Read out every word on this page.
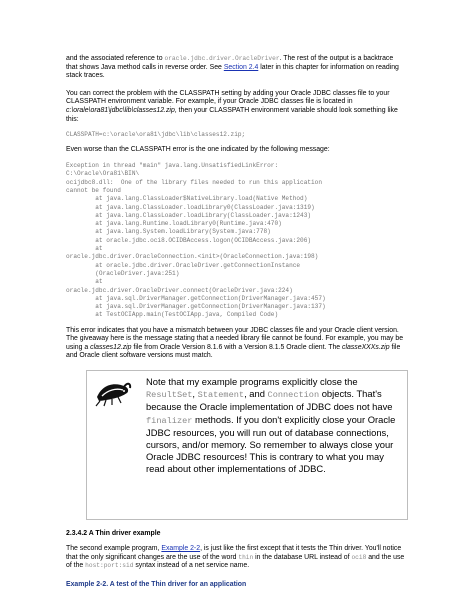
and the associated reference to oracle.jdbc.driver.OracleDriver. The rest of the output is a backtrace that shows Java method calls in reverse order. See Section 2.4 later in this chapter for information on reading stack traces.

You can correct the problem with the CLASSPATH setting by adding your Oracle JDBC classes file to your CLASSPATH environment variable. For example, if your Oracle JDBC classes file is located in c:\orale\ora81\jdbc\lib\classes12.zip, then your CLASSPATH environment variable should look something like this:

CLASSPATH=c:\oracle\ora81\jdbc\lib\classes12.zip;

Even worse than the CLASSPATH error is the one indicated by the following message:

Exception in thread "main" java.lang.UnsatisfiedLinkError:
C:\Oracle\Ora81\BIN\
ocijdbc8.dll:  One of the library files needed to run this application
cannot be found
at java.lang.ClassLoader$NativeLibrary.load(Native Method)
at java.lang.ClassLoader.loadLibrary0(ClassLoader.java:1319)
at java.lang.ClassLoader.loadLibrary(ClassLoader.java:1243)
at java.lang.Runtime.loadLibrary0(Runtime.java:470)
at java.lang.System.loadLibrary(System.java:778)
at oracle.jdbc.oci8.OCIDBAccess.logon(OCIDBAccess.java:206)
at
oracle.jdbc.driver.OracleConnection.<init>(OracleConnection.java:198)
at oracle.jdbc.driver.OracleDriver.getConnectionInstance
(OracleDriver.java:251)
at
oracle.jdbc.driver.OracleDriver.connect(OracleDriver.java:224)
at java.sql.DriverManager.getConnection(DriverManager.java:457)
at java.sql.DriverManager.getConnection(DriverManager.java:137)
at TestOCIApp.main(TestOCIApp.java, Compiled Code)

This error indicates that you have a mismatch between your JDBC classes file and your Oracle client version. The giveaway here is the message stating that a needed library file cannot be found. For example, you may be using a classes12.zip file from Oracle Version 8.1.6 with a Version 8.1.5 Oracle client. The classeXXXs.zip file and Oracle client software versions must match.

Note that my example programs explicitly close the ResultSet, Statement, and Connection objects. That's because the Oracle implementation of JDBC does not have finalizer methods. If you don't explicitly close your Oracle JDBC resources, you will run out of database connections, cursors, and/or memory. So remember to always close your Oracle JDBC resources! This is contrary to what you may read about other implementations of JDBC.
2.3.4.2 A Thin driver example

The second example program, Example 2-2, is just like the first except that it tests the Thin driver. You'll notice that the only significant changes are the use of the word thin in the database URL instead of oci8 and the use of the host:port:sid syntax instead of a net service name.

Example 2-2. A test of the Thin driver for an application
